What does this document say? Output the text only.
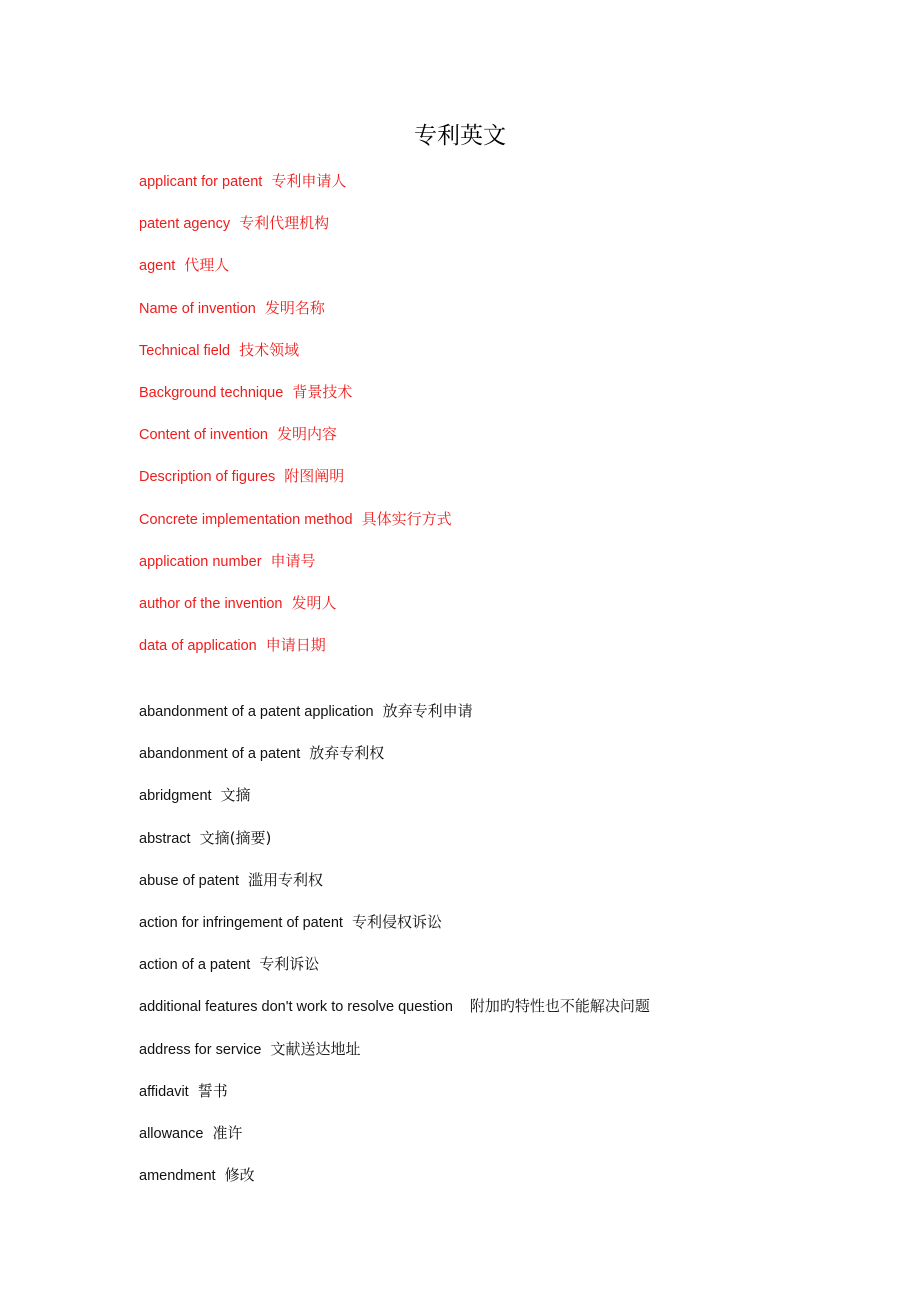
专利英文
applicant for patent 专利申请人
patent agency 专利代理机构
agent 代理人
Name of invention 发明名称
Technical field 技术领域
Background technique 背景技术
Content of invention 发明内容
Description of figures 附图阐明
Concrete implementation method 具体实行方式
application number 申请号
author of the invention 发明人
data of application 申请日期
abandonment of a patent application 放弃专利申请
abandonment of a patent 放弃专利权
abridgment 文摘
abstract 文摘(摘要)
abuse of patent 滥用专利权
action for infringement of patent 专利侵权诉讼
action of a patent 专利诉讼
additional features don't work to resolve question 附加旳特性也不能解决问题
address for service 文献送达地址
affidavit 誓书
allowance 准许
amendment 修改
